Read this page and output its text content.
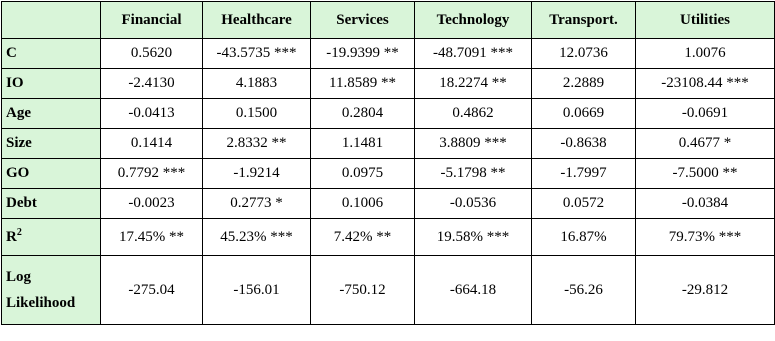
	Financial	Healthcare	Services	Technology	Transport.	Utilities
C	0.5620	-43.5735 ***	-19.9399 **	-48.7091 ***	12.0736	1.0076
IO	-2.4130	4.1883	11.8589 **	18.2274 **	2.2889	-23108.44 ***
Age	-0.0413	0.1500	0.2804	0.4862	0.0669	-0.0691
Size	0.1414	2.8332 **	1.1481	3.8809 ***	-0.8638	0.4677 *
GO	0.7792 ***	-1.9214	0.0975	-5.1798 **	-1.7997	-7.5000 **
Debt	-0.0023	0.2773 *	0.1006	-0.0536	0.0572	-0.0384
$R^2$	17.45% **	45.23% ***	7.42% **	19.58% ***	16.87%	79.73% ***
Log
Likelihood	-275.04	-156.01	-750.12	-664.18	-56.26	-29.812
